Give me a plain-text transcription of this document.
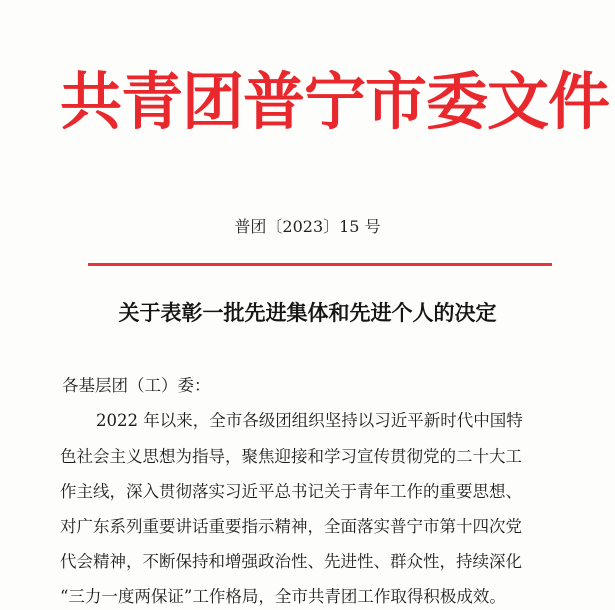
共青团普宁市委文件
普团〔2023〕15 号
关于表彰一批先进集体和先进个人的决定
各基层团（工）委：
2022 年以来，全市各级团组织坚持以习近平新时代中国特
色社会主义思想为指导，聚焦迎接和学习宣传贯彻党的二十大工
作主线，深入贯彻落实习近平总书记关于青年工作的重要思想、
对广东系列重要讲话重要指示精神，全面落实普宁市第十四次党
代会精神，不断保持和增强政治性、先进性、群众性，持续深化
“三力一度两保证”工作格局，全市共青团工作取得积极成效。
